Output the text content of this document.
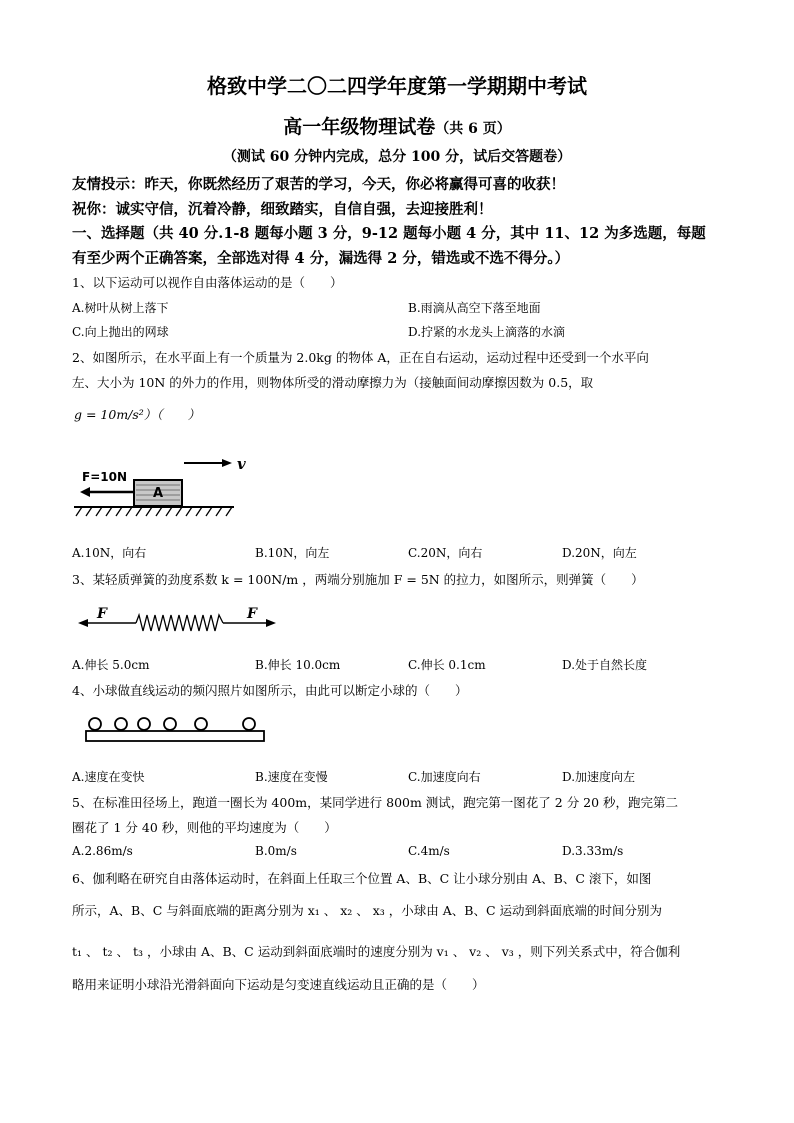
格致中学二〇二四学年度第一学期期中考试
高一年级物理试卷（共 6 页）
（测试 60 分钟内完成，总分 100 分，试后交答题卷）
友情投示：昨天，你既然经历了艰苦的学习，今天，你必将赢得可喜的收获！
祝你：诚实守信，沉着冷静，细致踏实，自信自强，去迎接胜利！
一、选择题（共 40 分.1-8 题每小题 3 分，9-12 题每小题 4 分，其中 11、12 为多选题，每题
有至少两个正确答案，全部选对得 4 分，漏选得 2 分，错选或不选不得分。）
1、以下运动可以视作自由落体运动的是（　　）
A.树叶从树上落下	B.雨滴从高空下落至地面
C.向上抛出的网球	D.拧紧的水龙头上滴落的水滴
2、如图所示，在水平面上有一个质量为 2.0kg 的物体 A，正在自右运动，运动过程中还受到一个水平向
左、大小为 10N 的外力的作用，则物体所受的滑动摩擦力为（接触面间动摩擦因数为 0.5，取
g = 10m/s²）（　　）
F=10N
A
v
A.10N，向右	B.10N，向左	C.20N，向右	D.20N，向左
3、某轻质弹簧的劲度系数 k = 100N/m ，两端分别施加 F = 5N 的拉力，如图所示，则弹簧（　　）
F	F
A.伸长 5.0cm	B.伸长 10.0cm	C.伸长 0.1cm	D.处于自然长度
4、小球做直线运动的频闪照片如图所示，由此可以断定小球的（　　）
A.速度在变快	B.速度在变慢	C.加速度向右	D.加速度向左
5、在标准田径场上，跑道一圈长为 400m，某同学进行 800m 测试，跑完第一图花了 2 分 20 秒，跑完第二
圈花了 1 分 40 秒，则他的平均速度为（　　）
A.2.86m/s	B.0m/s	C.4m/s	D.3.33m/s
6、伽利略在研究自由落体运动时，在斜面上任取三个位置 A、B、C 让小球分别由 A、B、C 滚下，如图
所示，A、B、C 与斜面底端的距离分别为 x₁ 、 x₂ 、 x₃ ，小球由 A、B、C 运动到斜面底端的时间分别为
t₁ 、 t₂ 、 t₃ ，小球由 A、B、C 运动到斜面底端时的速度分别为 v₁ 、 v₂ 、 v₃ ，则下列关系式中，符合伽利
略用来证明小球沿光滑斜面向下运动是匀变速直线运动且正确的是（　　）
